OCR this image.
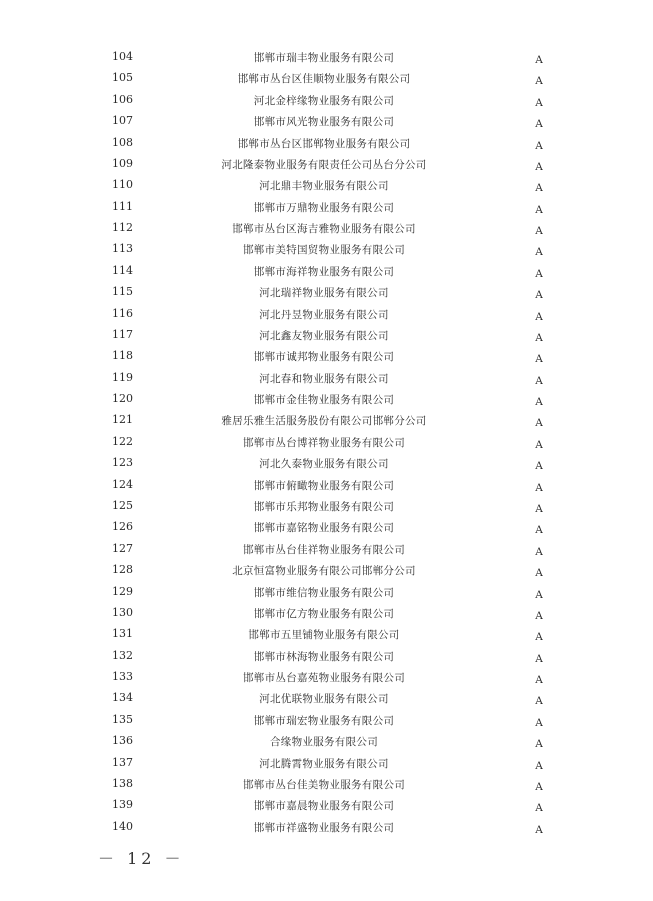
104	邯郸市瑞丰物业服务有限公司	A
105	邯郸市丛台区佳顺物业服务有限公司	A
106	河北金梓缘物业服务有限公司	A
107	邯郸市风光物业服务有限公司	A
108	邯郸市丛台区邯郸物业服务有限公司	A
109	河北隆泰物业服务有限责任公司丛台分公司	A
110	河北鼎丰物业服务有限公司	A
111	邯郸市万鼎物业服务有限公司	A
112	邯郸市丛台区海吉雅物业服务有限公司	A
113	邯郸市美特国贸物业服务有限公司	A
114	邯郸市海祥物业服务有限公司	A
115	河北瑞祥物业服务有限公司	A
116	河北丹昱物业服务有限公司	A
117	河北鑫友物业服务有限公司	A
118	邯郸市诚邦物业服务有限公司	A
119	河北春和物业服务有限公司	A
120	邯郸市金佳物业服务有限公司	A
121	雅居乐雅生活服务股份有限公司邯郸分公司	A
122	邯郸市丛台博祥物业服务有限公司	A
123	河北久泰物业服务有限公司	A
124	邯郸市俯瞰物业服务有限公司	A
125	邯郸市乐邦物业服务有限公司	A
126	邯郸市嘉铭物业服务有限公司	A
127	邯郸市丛台佳祥物业服务有限公司	A
128	北京恒富物业服务有限公司邯郸分公司	A
129	邯郸市维信物业服务有限公司	A
130	邯郸市亿方物业服务有限公司	A
131	邯郸市五里铺物业服务有限公司	A
132	邯郸市林海物业服务有限公司	A
133	邯郸市丛台嘉苑物业服务有限公司	A
134	河北优联物业服务有限公司	A
135	邯郸市瑞宏物业服务有限公司	A
136	合缘物业服务有限公司	A
137	河北腾霄物业服务有限公司	A
138	邯郸市丛台佳美物业服务有限公司	A
139	邯郸市嘉晨物业服务有限公司	A
140	邯郸市祥盛物业服务有限公司	A
－ 12 －
